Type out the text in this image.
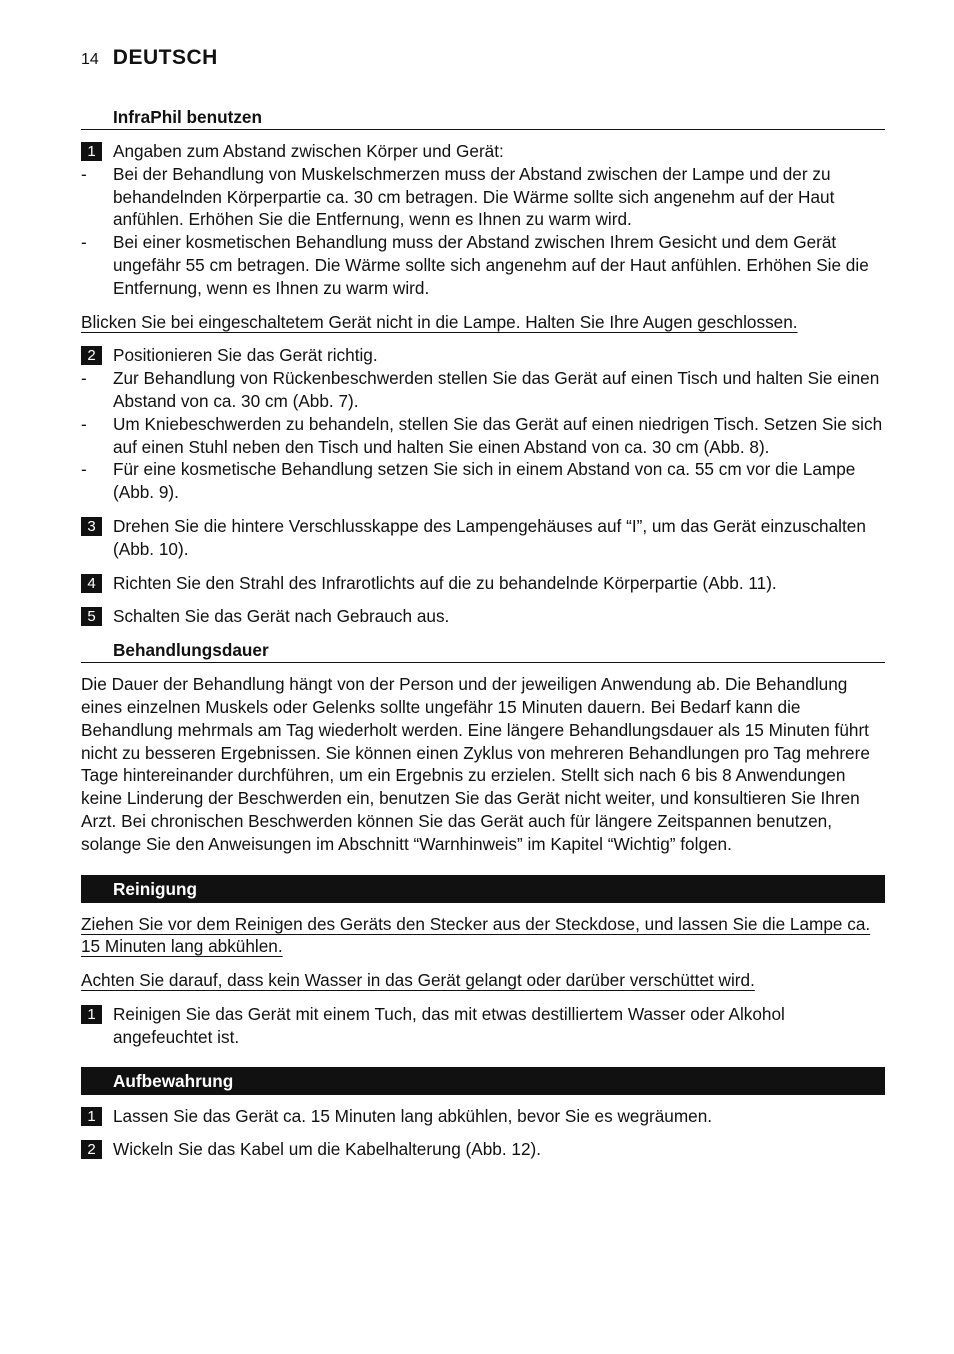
14 DEUTSCH
InfraPhil benutzen
1	Angaben zum Abstand zwischen Körper und Gerät:
-	Bei der Behandlung von Muskelschmerzen muss der Abstand zwischen der Lampe und der zu behandelnden Körperpartie ca. 30 cm betragen. Die Wärme sollte sich angenehm auf der Haut anfühlen. Erhöhen Sie die Entfernung, wenn es Ihnen zu warm wird.
-	Bei einer kosmetischen Behandlung muss der Abstand zwischen Ihrem Gesicht und dem Gerät ungefähr 55 cm betragen. Die Wärme sollte sich angenehm auf der Haut anfühlen. Erhöhen Sie die Entfernung, wenn es Ihnen zu warm wird.
Blicken Sie bei eingeschaltetem Gerät nicht in die Lampe. Halten Sie Ihre Augen geschlossen.
2	Positionieren Sie das Gerät richtig.
-	Zur Behandlung von Rückenbeschwerden stellen Sie das Gerät auf einen Tisch und halten Sie einen Abstand von ca. 30 cm (Abb. 7).
-	Um Kniebeschwerden zu behandeln, stellen Sie das Gerät auf einen niedrigen Tisch. Setzen Sie sich auf einen Stuhl neben den Tisch und halten Sie einen Abstand von ca. 30 cm (Abb. 8).
-	Für eine kosmetische Behandlung setzen Sie sich in einem Abstand von ca. 55 cm vor die Lampe (Abb. 9).
3	Drehen Sie die hintere Verschlusskappe des Lampengehäuses auf “I”, um das Gerät einzuschalten (Abb. 10).
4	Richten Sie den Strahl des Infrarotlichts auf die zu behandelnde Körperpartie (Abb. 11).
5	Schalten Sie das Gerät nach Gebrauch aus.
Behandlungsdauer

Die Dauer der Behandlung hängt von der Person und der jeweiligen Anwendung ab. Die Behandlung eines einzelnen Muskels oder Gelenks sollte ungefähr 15 Minuten dauern. Bei Bedarf kann die Behandlung mehrmals am Tag wiederholt werden. Eine längere Behandlungsdauer als 15 Minuten führt nicht zu besseren Ergebnissen. Sie können einen Zyklus von mehreren Behandlungen pro Tag mehrere Tage hintereinander durchführen, um ein Ergebnis zu erzielen. Stellt sich nach 6 bis 8 Anwendungen keine Linderung der Beschwerden ein, benutzen Sie das Gerät nicht weiter, und konsultieren Sie Ihren Arzt. Bei chronischen Beschwerden können Sie das Gerät auch für längere Zeitspannen benutzen, solange Sie den Anweisungen im Abschnitt “Warnhinweis” im Kapitel “Wichtig” folgen.

Reinigung
Ziehen Sie vor dem Reinigen des Geräts den Stecker aus der Steckdose, und lassen Sie die Lampe ca. 15 Minuten lang abkühlen.
Achten Sie darauf, dass kein Wasser in das Gerät gelangt oder darüber verschüttet wird.
1	Reinigen Sie das Gerät mit einem Tuch, das mit etwas destilliertem Wasser oder Alkohol angefeuchtet ist.
Aufbewahrung
1	Lassen Sie das Gerät ca. 15 Minuten lang abkühlen, bevor Sie es wegräumen.
2	Wickeln Sie das Kabel um die Kabelhalterung (Abb. 12).
